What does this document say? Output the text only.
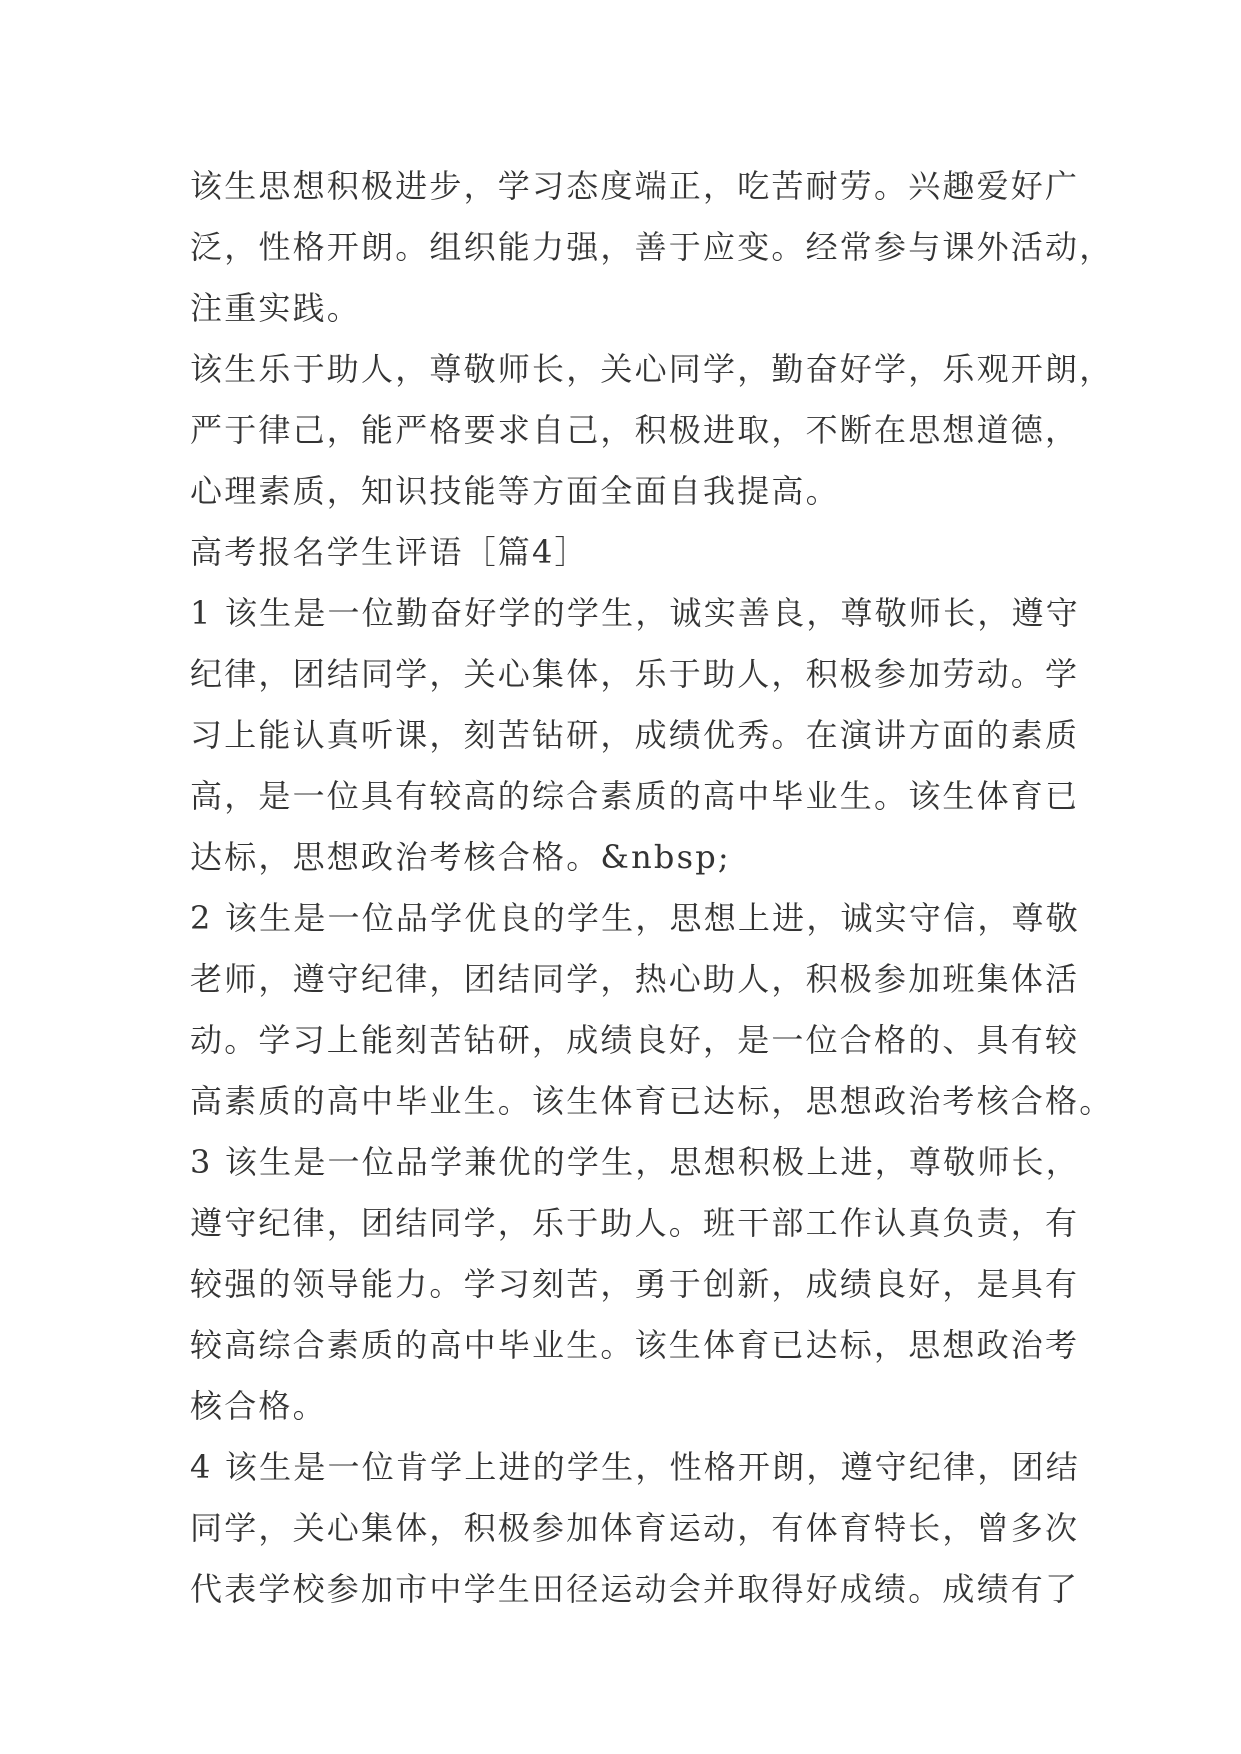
该生思想积极进步，学习态度端正，吃苦耐劳。兴趣爱好广
泛，性格开朗。组织能力强，善于应变。经常参与课外活动，
注重实践。
该生乐于助人，尊敬师长，关心同学，勤奋好学，乐观开朗，
严于律己，能严格要求自己，积极进取，不断在思想道德，
心理素质，知识技能等方面全面自我提高。
高考报名学生评语［篇4］
1 该生是一位勤奋好学的学生，诚实善良，尊敬师长，遵守
纪律，团结同学，关心集体，乐于助人，积极参加劳动。学
习上能认真听课，刻苦钻研，成绩优秀。在演讲方面的素质
高，是一位具有较高的综合素质的高中毕业生。该生体育已
达标，思想政治考核合格。&nbsp;
2 该生是一位品学优良的学生，思想上进，诚实守信，尊敬
老师，遵守纪律，团结同学，热心助人，积极参加班集体活
动。学习上能刻苦钻研，成绩良好，是一位合格的、具有较
高素质的高中毕业生。该生体育已达标，思想政治考核合格。
3 该生是一位品学兼优的学生，思想积极上进，尊敬师长，
遵守纪律，团结同学，乐于助人。班干部工作认真负责，有
较强的领导能力。学习刻苦，勇于创新，成绩良好，是具有
较高综合素质的高中毕业生。该生体育已达标，思想政治考
核合格。
4 该生是一位肯学上进的学生，性格开朗，遵守纪律，团结
同学，关心集体，积极参加体育运动，有体育特长，曾多次
代表学校参加市中学生田径运动会并取得好成绩。成绩有了
